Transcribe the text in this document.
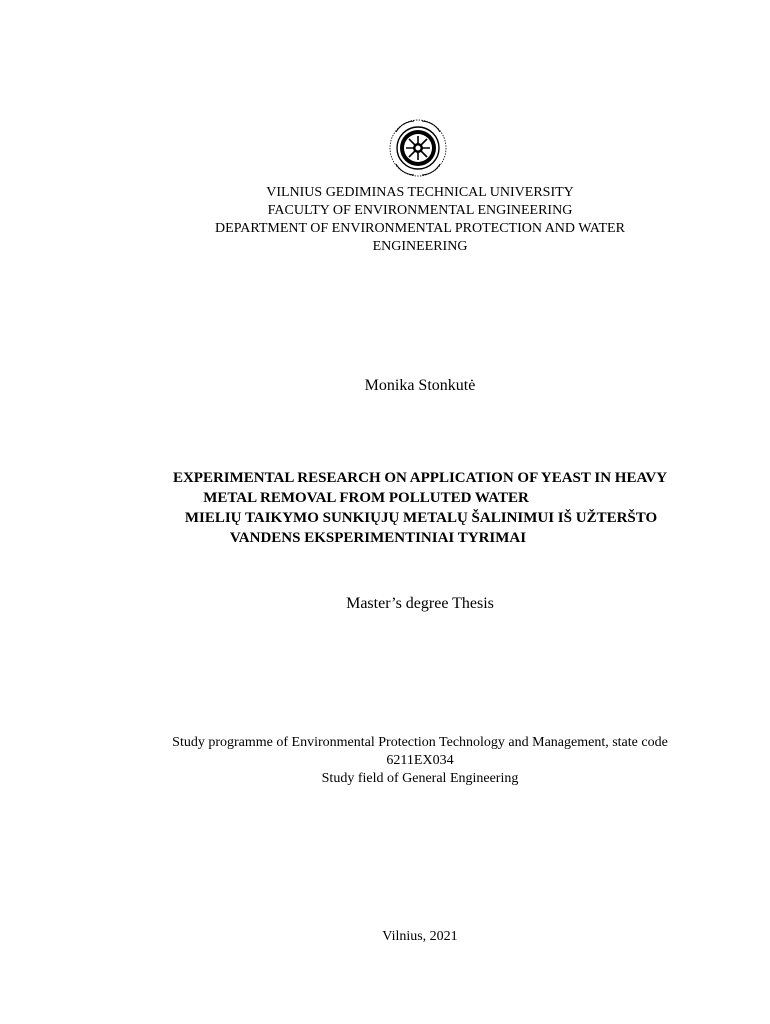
VILNIUS GEDIMINAS TECHNICAL UNIVERSITY
FACULTY OF ENVIRONMENTAL ENGINEERING
DEPARTMENT OF ENVIRONMENTAL PROTECTION AND WATER
ENGINEERING
Monika Stonkutė
EXPERIMENTAL RESEARCH ON APPLICATION OF YEAST IN HEAVY
METAL REMOVAL FROM POLLUTED WATER
MIELIŲ TAIKYMO SUNKIŲJŲ METALŲ ŠALINIMUI IŠ UŽTERŠTO
VANDENS EKSPERIMENTINIAI TYRIMAI
Master’s degree Thesis
Study programme of Environmental Protection Technology and Management, state code
6211EX034
Study field of General Engineering
Vilnius, 2021
